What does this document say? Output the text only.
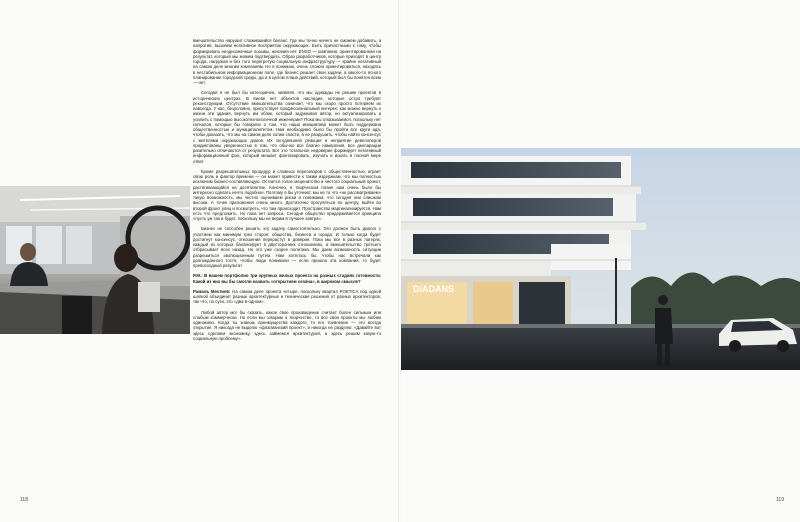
вмешательство нарушит сложившийся баланс. Где мы точно ничего не сможем добавить, а напротив, вызовем негативное восприятие окружающих. Быть причастными к тому, чтобы формировать неоднозначные позывы, желания нет. ENSO — компания, ориентированная на результат, который мы можем подтвердить. Образ разработчиков, которые приходят в центр города, нагружая и без того перегретую социальную инфраструктуру — крайне негативный на самом деле многим компаниям. Но я понимаю, очень сложно ориентироваться, находясь в нестабильном информационном поле, где бизнес решает свои задачи, а какого-то ясного планирования городской среды, да и в целом плана действий, который был бы понятен всем — нет.

Сегодня я не был бы категоричен, заявляя, что мы однажды не решим проектов в исторических центрах. В Киеве нет объектов наследия, которые остро требуют реконструкции. Отсутствие вмешательства означает, что мы скоро просто потеряем их навсегда. У нас, безусловно, присутствует профессиональный интерес: как можно вернуть к жизни эти здания, вернуть им облик, который задумывал автор, но актуализировать и усилить с помощью высокотехнологичной инженерии? Пока мы отказываемся, поскольку нет сигналов, которые бы говорили о том, что наша инициатива может быть поддержана общественностью и муниципалитетом. Нам необходимо было бы пройти все круги ада, чтобы доказать, что мы на самом деле хотим спасти, а не разрушить, чтобы найти консенсус с жителями окружающих домов. Их сегодняшняя реакция и неприятие девелоперов продиктованы уверенностью в том, что обычно все благие намерения, все декларации разительно отличаются от результата. Вот это тотальное недоверие формирует негативный информационный фон, который мешает фантазировать, изучать и искать в полной мере ответ.

Кроме разрешательных процедур и сложных переговоров с общественностью, играет свою роль и фактор времени — он может привести к таким издержкам, что мы полностью исключим бизнес-составляющую. Остается голое меценатство и чистого социальный проект, растягивающийся на десятилетие. Конечно, в творческом плане нам очень было бы интересно сделать нечто подобное. Поэтому я бы уточнил: мы не то что «не рассматриваем» такую возможность, мы честно оцениваем риски и понимаем, что сегодня они слишком высоки. А точек приложения очень много. Достаточно прогуляться по центру, выйти во второй фронт улиц и посмотреть, что там происходит. Пространство маргинализируется. Нам есть что предложить. Но пока нет запроса. Сегодня общество придерживается принципа «пусть уж так и будет, поскольку мы не верим в лучшее завтра».

Бизнес не способен решить эту задачу самостоятельно. Это должен быть диалог с участием как минимум трех сторон: общества, бизнеса и города. И только когда будет достигнут консенсус, отношения перерастут в доверие. Пока мы все в разных лагерях, каждый из которых балансирует в двусторонних отношениях, а вмешательство третьего отбрасывает всех назад. Но это уже скорее политика. Мы даем возможность ситуации разрешиться эволюционным путем. Нам хотелось бы, чтобы нас встречали как долгожданного гостя, чтобы люди понимали — если пришла эта компания, то будет превосходный результат.

Р.М.: В вашем портфолио три крупных жилых проекта на разных стадиях готовности. Какой из них вы бы смогли назвать «открытием сезона», в широком смысле?

Рамаль Мехтиев: На самом деле проекта четыре, поскольку квартал POETICA под одной шапкой объединит разные архитектурные и технические решения от разных архитекторов, так что, по сути, это «два-в-одном».

Любой автор мог бы сказать, какое свое произведение считает более сильным или слабым коммерчески. Но если мы говорим о творчестве, то все свои проекты мы любим одинаково. Когда ты знаешь преимущества каждого, то его тоевление — это всегда открытие. Я никогда не выделю «флагманский проект», и никогда не разделю: «Давайте вот здесь сделаем экономику, здесь займемся архитектурой, а здесь решим какую-то социальную проблему».

118	119
DIADANS
